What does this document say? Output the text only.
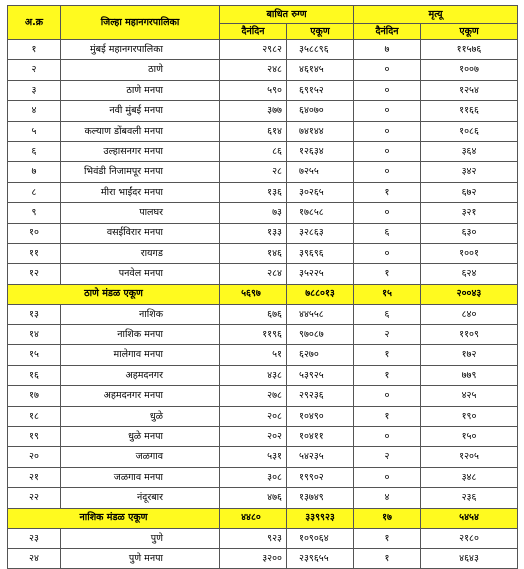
अ.क्र	जिल्हा महानगरपालिका	बाधित रुग्ण		मृत्यू	
		दैनंदिन	एकूण	दैनंदिन	एकूण
१	मुंबई महानगरपालिका	२९८२	३५८८९६	७	११५७६
२	ठाणे	२४८	४६१४५	०	१००७
३	ठाणे मनपा	५९०	६९१५२	०	१२५४
४	नवी मुंबई मनपा	३७७	६४०७०	०	११६६
५	कल्याण डोंबवली मनपा	६१४	७४१४४	०	१०८६
६	उल्हासनगर मनपा	८६	१२६३४	०	३६४
७	भिवंडी निजामपूर मनपा	२८	७२५५	०	३४२
८	मीरा भाईंदर मनपा	१३६	३०२६५	१	६७२
९	पालघर	७३	१७८५८	०	३२१
१०	वसईविरार मनपा	१३३	३२८६३	६	६३०
११	रायगड	१४६	३९६९६	०	१००१
१२	पनवेल मनपा	२८४	३५२२५	१	६२४
ठाणे मंडळ एकूण		५६९७	७८८०१३	१५	२००४३
१३	नाशिक	६७६	४४५५८	६	८४०
१४	नाशिक मनपा	११९६	९७०८७	२	११०९
१५	मालेगाव मनपा	५१	६२७०	१	१७२
१६	अहमदनगर	४३८	५३९२५	१	७७९
१७	अहमदनगर मनपा	२७८	२९२३६	०	४२५
१८	धुळे	२०८	१०४९०	१	१९०
१९	धुळे मनपा	२०२	१०४११	०	१५०
२०	जळगाव	५३१	५४२३५	२	१२०५
२१	जळगाव मनपा	३०८	१९९०२	०	३४८
२२	नंदूरबार	४७६	१३७४९	४	२३६
नाशिक मंडळ एकूण		४४८०	३३९९२३	१७	५४५४
२३	पुणे	९२३	१०९०६४	१	२१८०
२४	पुणे मनपा	३२००	२३९६५५	१	४६४३
